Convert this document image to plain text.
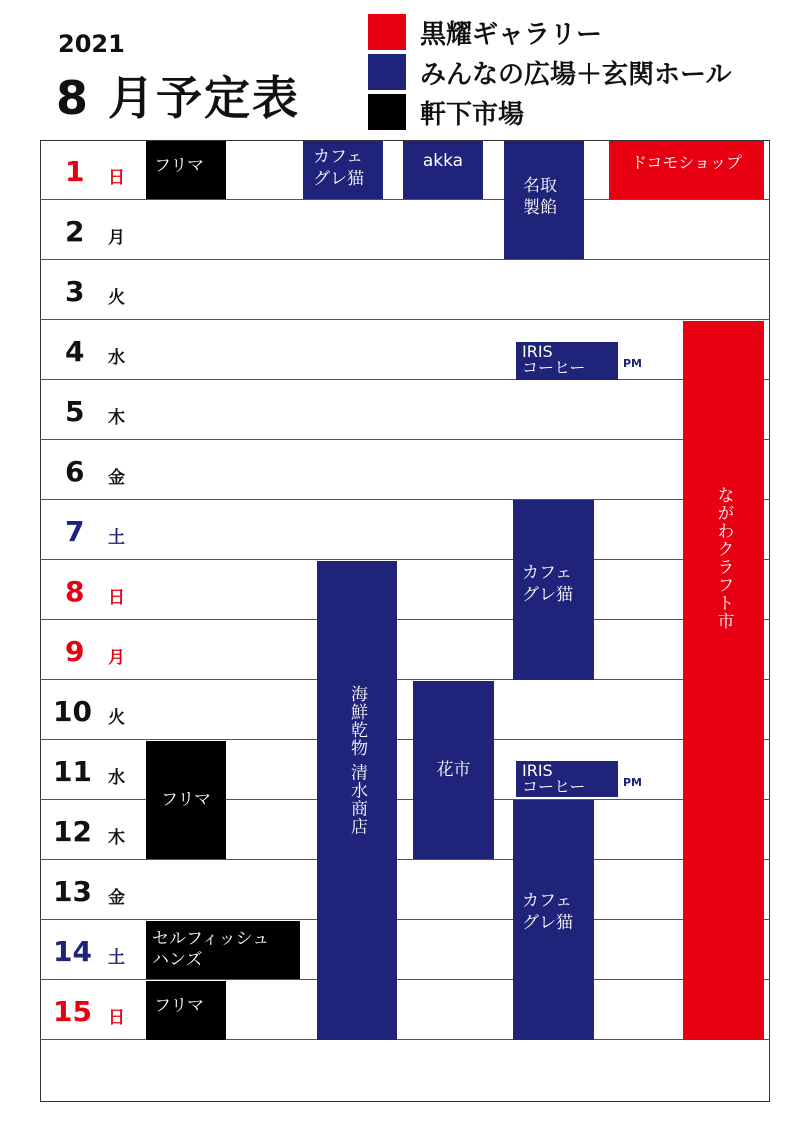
2021
8 月予定表
黒耀ギャラリー
みんなの広場＋玄関ホール
軒下市場
1 日
2 月
3 火
4 水
5 木
6 金
7 土
8 日
9 月
10 火
11 水
12 木
13 金
14 土
15 日
フリマ	カフェ
グレ猫
akka
名取
製餡
ドコモショップ
ながわクラフト市
IRIS
コーヒー	PM
カフェ
グレ猫
海鮮乾物 清水商店	花市	IRIS
コーヒー	PM
フリマ
カフェ
グレ猫
セルフィッシュ
ハンズ
フリマ
